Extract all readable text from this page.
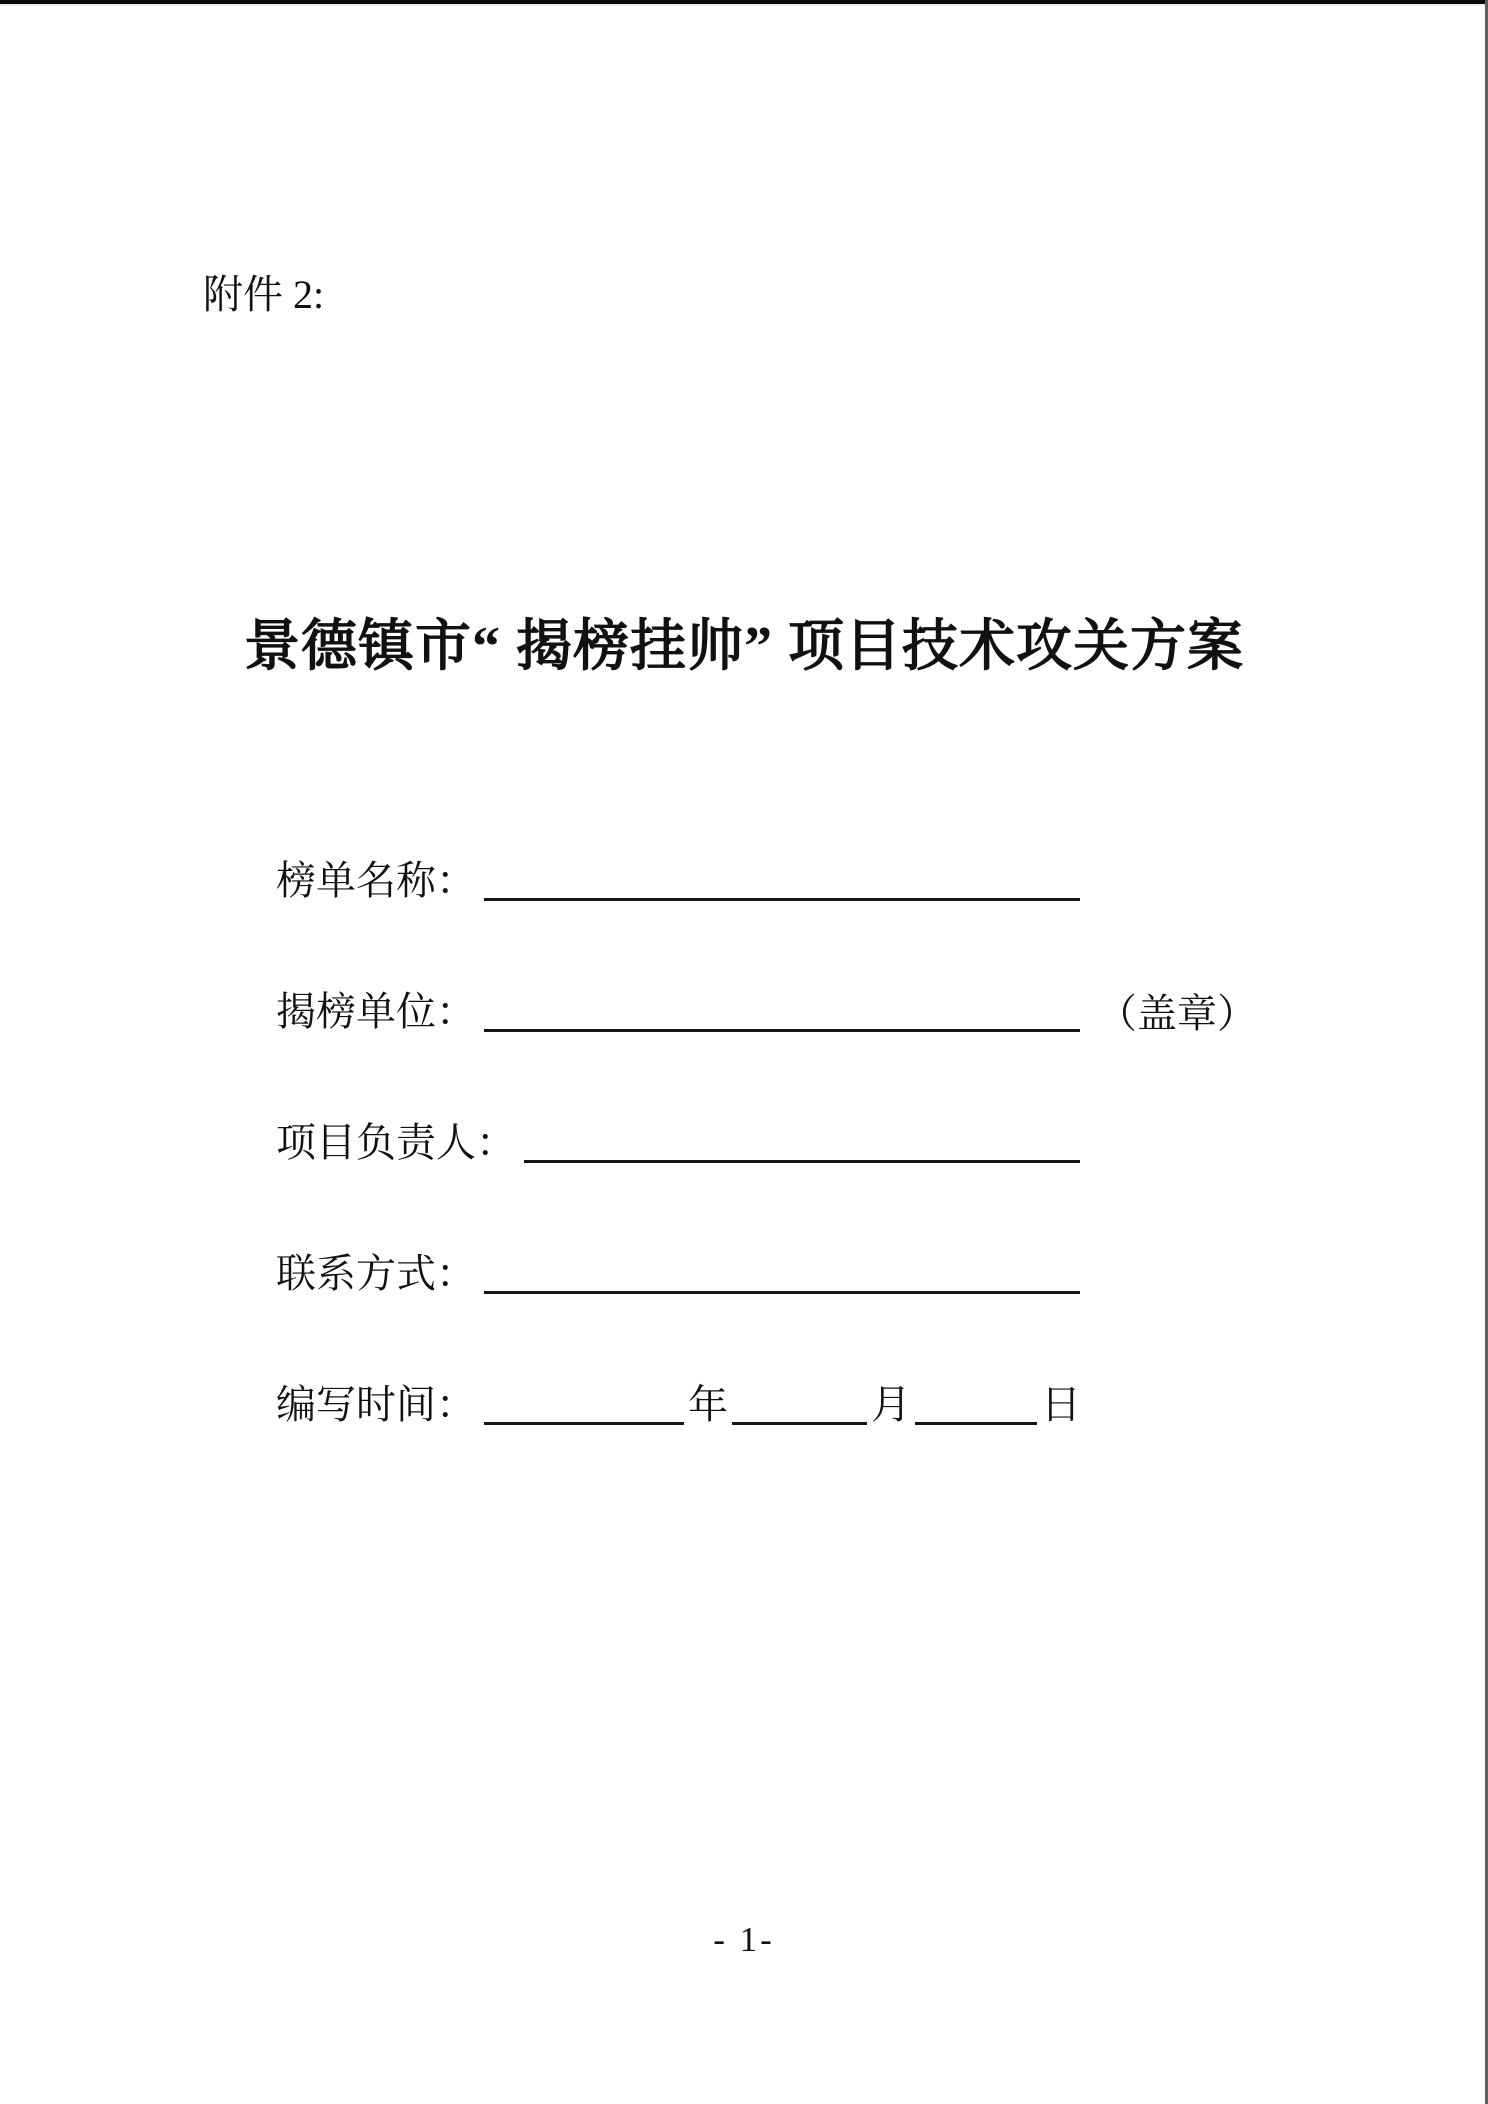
附件 2:
景德镇市“ 揭榜挂帅” 项目技术攻关方案
榜单名称：
揭榜单位：	（盖章）
项目负责人：
联系方式：
编写时间：	年	月	日
- 1-
